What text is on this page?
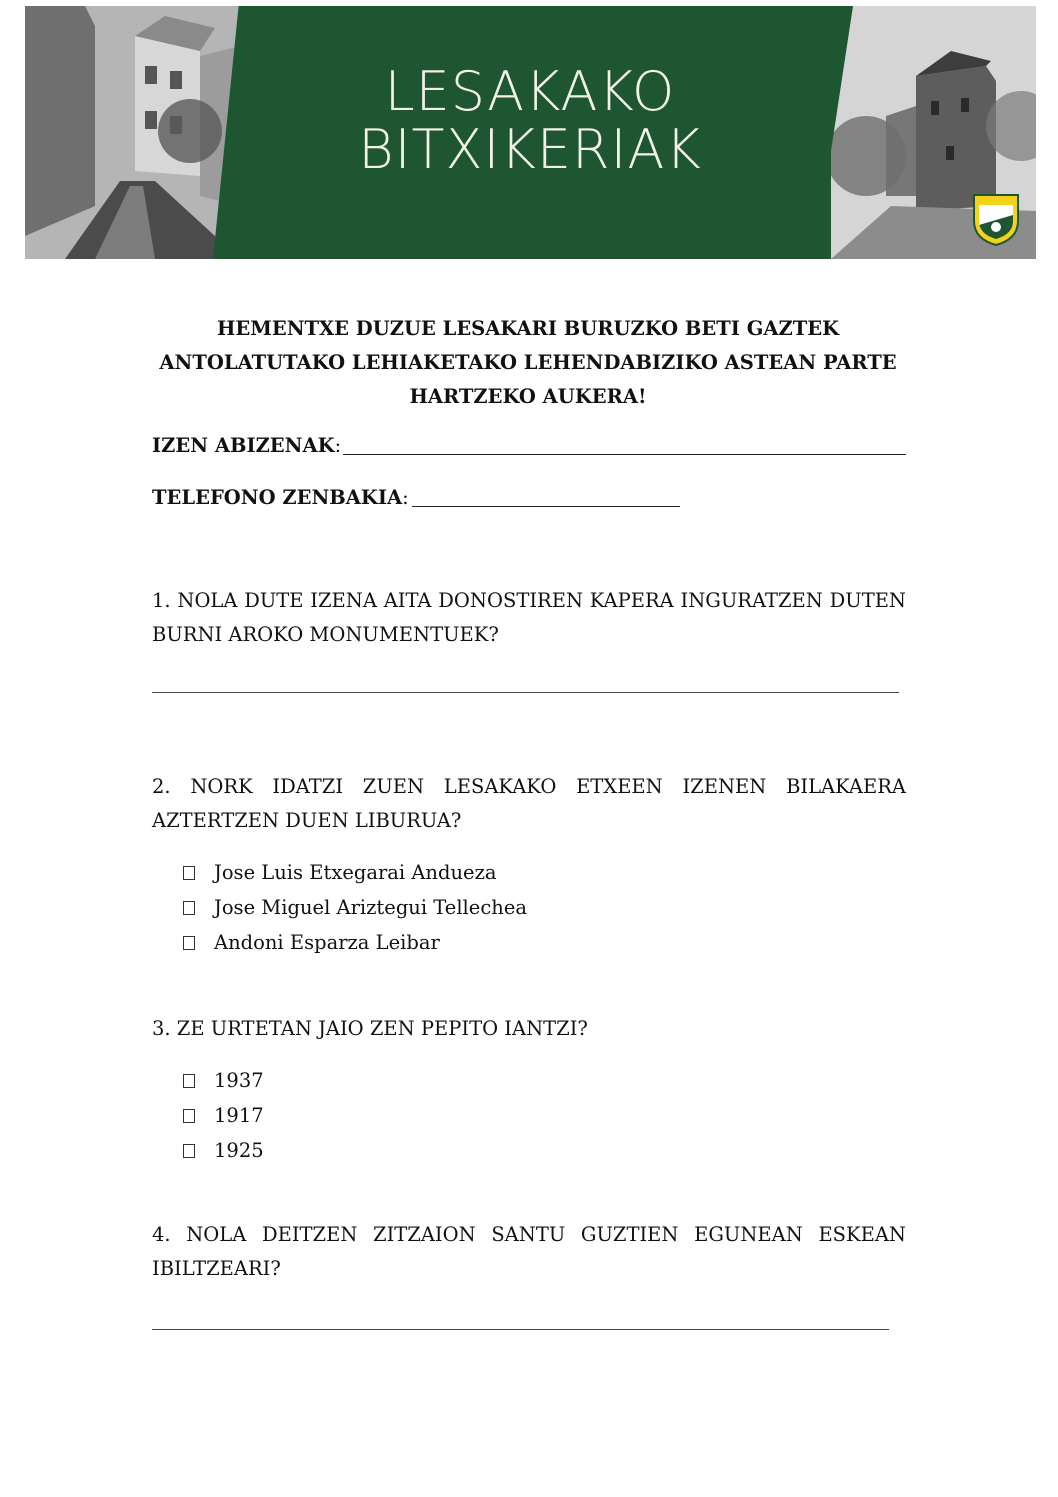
LESAKAKO
BITXIKERIAK
HEMENTXE DUZUE LESAKARI BURUZKO BETI GAZTEK ANTOLATUTAKO LEHIAKETAKO LEHENDABIZIKO ASTEAN PARTE HARTZEKO AUKERA!
IZEN ABIZENAK:
TELEFONO ZENBAKIA:
1. NOLA DUTE IZENA AITA DONOSTIREN KAPERA INGURATZEN DUTEN BURNI AROKO MONUMENTUEK?
2. NORK IDATZI ZUEN LESAKAKO ETXEEN IZENEN BILAKAERA AZTERTZEN DUEN LIBURUA?
Jose Luis Etxegarai Andueza
Jose Miguel Ariztegui Tellechea
Andoni Esparza Leibar
3. ZE URTETAN JAIO ZEN PEPITO IANTZI?
1937
1917
1925
4. NOLA DEITZEN ZITZAION SANTU GUZTIEN EGUNEAN ESKEAN IBILTZEARI?
